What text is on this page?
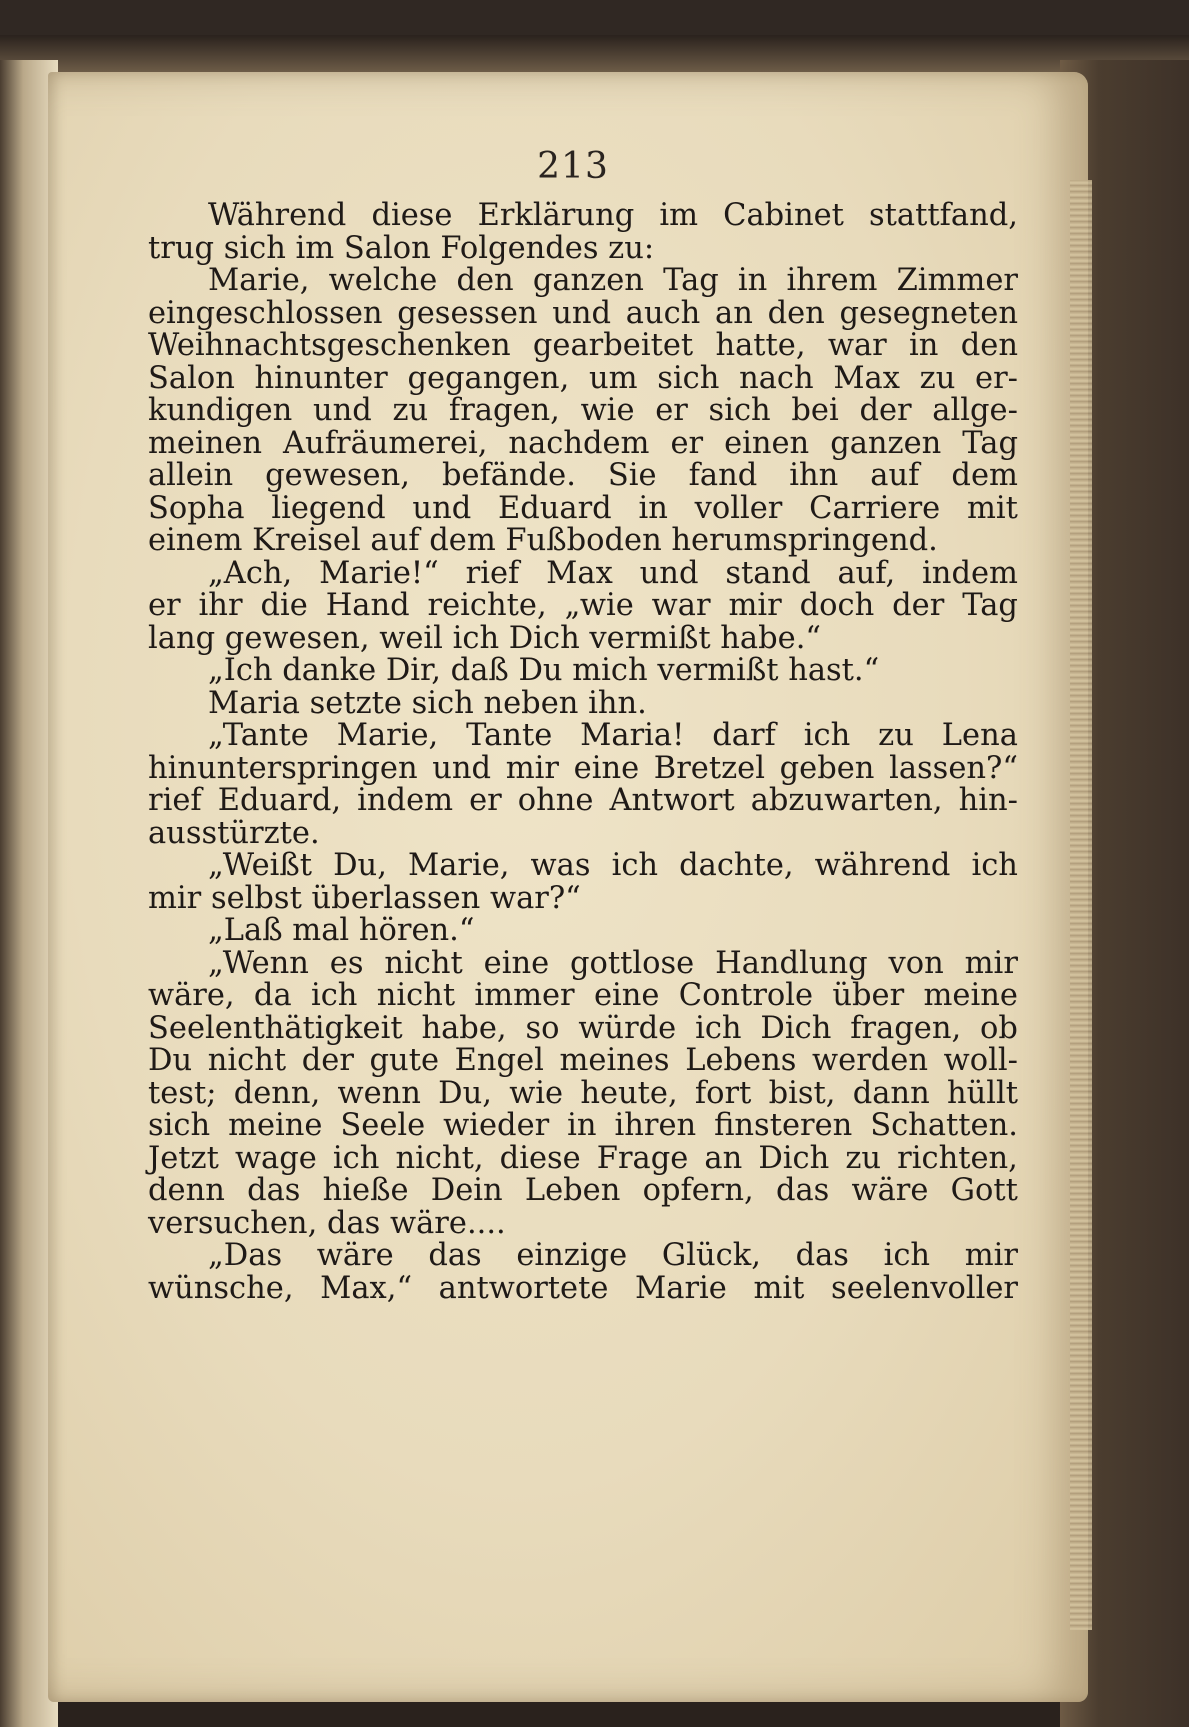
213
Während diese Erklärung im Cabinet stattfand,
trug sich im Salon Folgendes zu:
Marie, welche den ganzen Tag in ihrem Zimmer
eingeschlossen gesessen und auch an den gesegneten
Weihnachtsgeschenken gearbeitet hatte, war in den
Salon hinunter gegangen, um sich nach Max zu er-
kundigen und zu fragen, wie er sich bei der allge-
meinen Aufräumerei, nachdem er einen ganzen Tag
allein gewesen, befände. Sie fand ihn auf dem
Sopha liegend und Eduard in voller Carriere mit
einem Kreisel auf dem Fußboden herumspringend.
„Ach, Marie!“ rief Max und stand auf, indem
er ihr die Hand reichte, „wie war mir doch der Tag
lang gewesen, weil ich Dich vermißt habe.“
„Ich danke Dir, daß Du mich vermißt hast.“
Maria setzte sich neben ihn.
„Tante Marie, Tante Maria! darf ich zu Lena
hinunterspringen und mir eine Bretzel geben lassen?“
rief Eduard, indem er ohne Antwort abzuwarten, hin-
ausstürzte.
„Weißt Du, Marie, was ich dachte, während ich
mir selbst überlassen war?“
„Laß mal hören.“
„Wenn es nicht eine gottlose Handlung von mir
wäre, da ich nicht immer eine Controle über meine
Seelenthätigkeit habe, so würde ich Dich fragen, ob
Du nicht der gute Engel meines Lebens werden woll-
test; denn, wenn Du, wie heute, fort bist, dann hüllt
sich meine Seele wieder in ihren finsteren Schatten.
Jetzt wage ich nicht, diese Frage an Dich zu richten,
denn das hieße Dein Leben opfern, das wäre Gott
versuchen, das wäre....
„Das wäre das einzige Glück, das ich mir
wünsche, Max,“ antwortete Marie mit seelenvoller
